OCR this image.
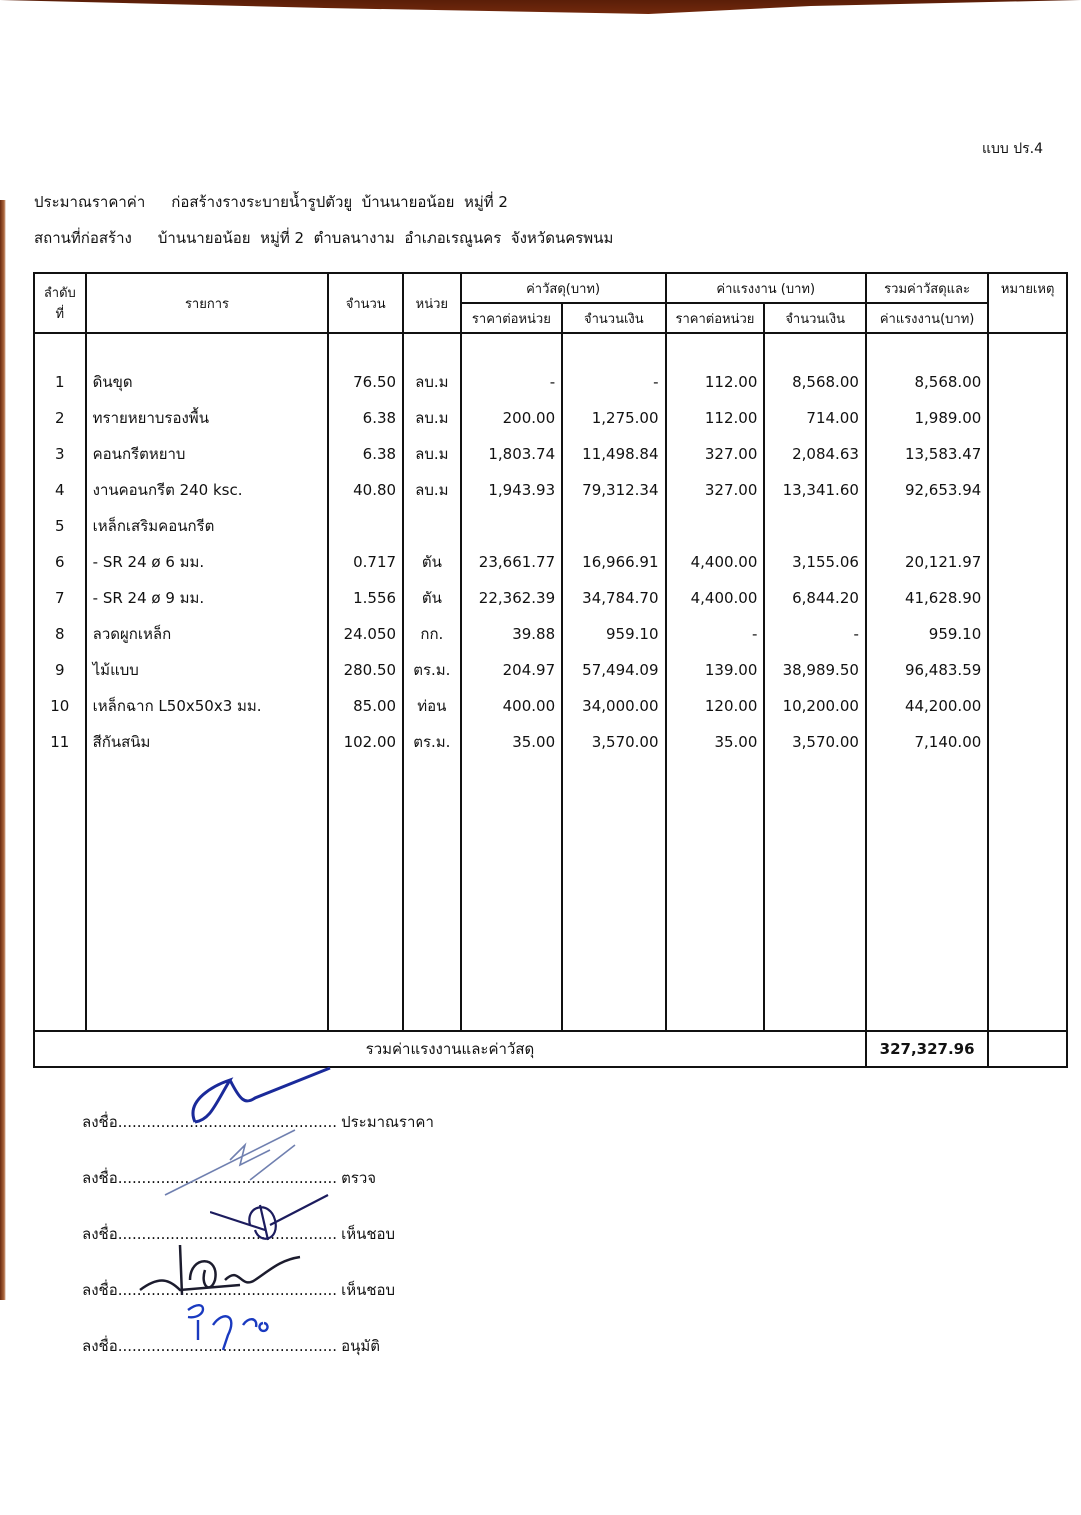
แบบ ปร.4
ประมาณราคาค่า ก่อสร้างรางระบายน้ำรูปตัวยู  บ้านนายอน้อย  หมู่ที่ 2
สถานที่ก่อสร้าง บ้านนายอน้อย  หมู่ที่ 2  ตำบลนางาม  อำเภอเรณูนคร  จังหวัดนครพนม
ลำดับ
ที่	รายการ	จำนวน	หน่วย	ค่าวัสดุ(บาท)		ค่าแรงงาน (บาท)		รวมค่าวัสดุและ	หมายเหตุ
				ราคาต่อหน่วย	จำนวนเงิน	ราคาต่อหน่วย	จำนวนเงิน	ค่าแรงงาน(บาท)	

1	ดินขุด	76.50	ลบ.ม	-	-	112.00	8,568.00	8,568.00	
2	ทรายหยาบรองพื้น	6.38	ลบ.ม	200.00	1,275.00	112.00	714.00	1,989.00	
3	คอนกรีตหยาบ	6.38	ลบ.ม	1,803.74	11,498.84	327.00	2,084.63	13,583.47	
4	งานคอนกรีต 240 ksc.	40.80	ลบ.ม	1,943.93	79,312.34	327.00	13,341.60	92,653.94	
5	เหล็กเสริมคอนกรีต								
6	- SR 24 ø 6 มม.	0.717	ตัน	23,661.77	16,966.91	4,400.00	3,155.06	20,121.97	
7	- SR 24 ø 9 มม.	1.556	ตัน	22,362.39	34,784.70	4,400.00	6,844.20	41,628.90	
8	ลวดผูกเหล็ก	24.050	กก.	39.88	959.10	-	-	959.10	
9	ไม้แบบ	280.50	ตร.ม.	204.97	57,494.09	139.00	38,989.50	96,483.59	
10	เหล็กฉาก L50x50x3 มม.	85.00	ท่อน	400.00	34,000.00	120.00	10,200.00	44,200.00	
11	สีกันสนิม	102.00	ตร.ม.	35.00	3,570.00	35.00	3,570.00	7,140.00	

รวมค่าแรงงานและค่าวัสดุ								327,327.96	
ลงชื่อ.............................................. ประมาณราคา
ลงชื่อ.............................................. ตรวจ
ลงชื่อ.............................................. เห็นชอบ
ลงชื่อ.............................................. เห็นชอบ
ลงชื่อ.............................................. อนุมัติ
